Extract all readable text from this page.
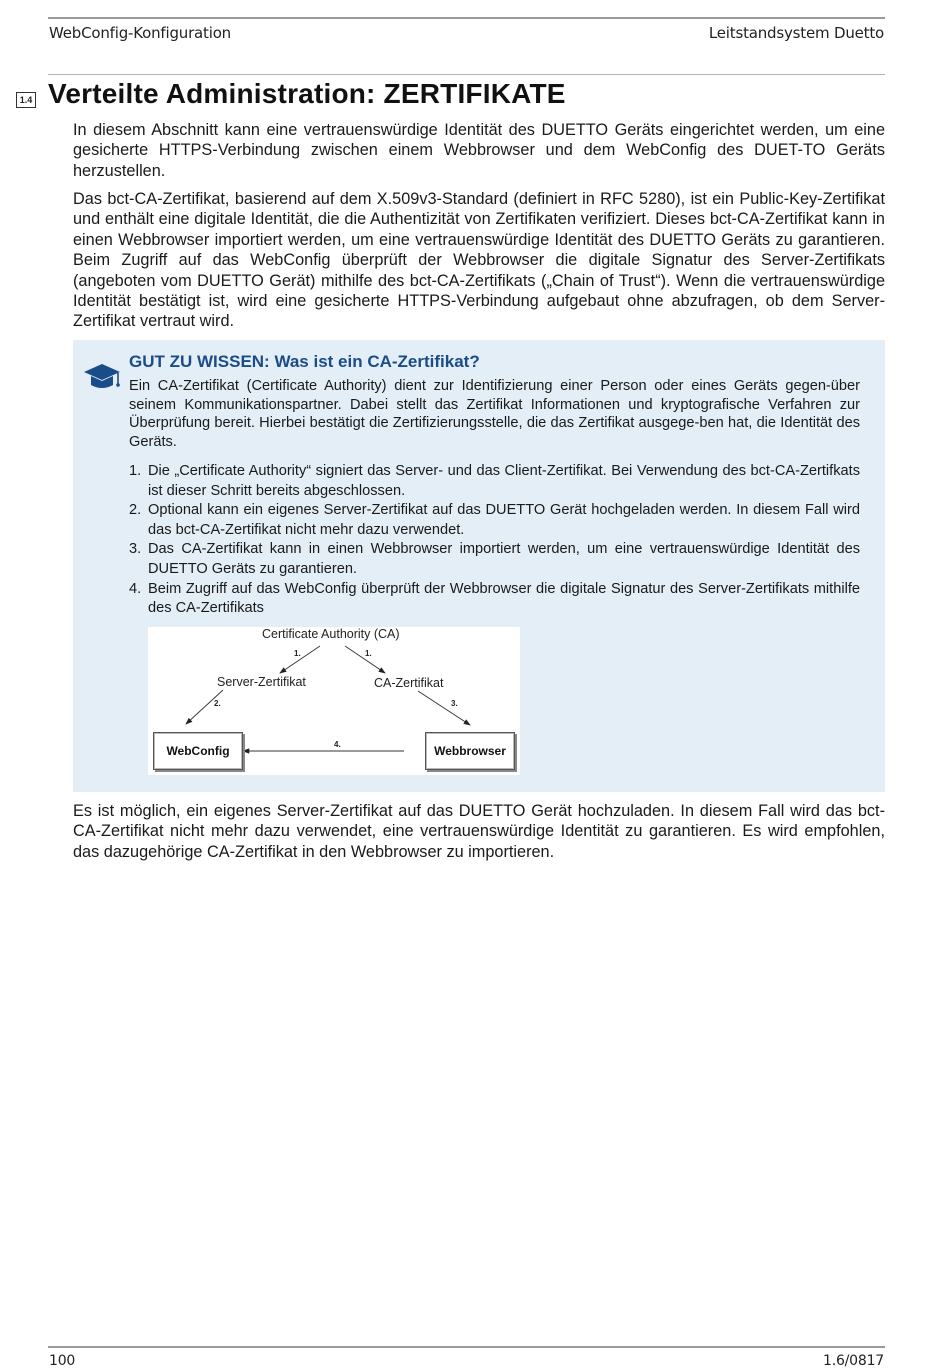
WebConfig-Konfiguration	Leitstandsystem Duetto
1.4 Verteilte Administration: ZERTIFIKATE

In diesem Abschnitt kann eine vertrauenswürdige Identität des DUETTO Geräts eingerichtet werden, um eine gesicherte HTTPS-Verbindung zwischen einem Webbrowser und dem WebConfig des DUET-TO Geräts herzustellen.

Das bct-CA-Zertifikat, basierend auf dem X.509v3-Standard (definiert in RFC 5280), ist ein Public-Key-Zertifikat und enthält eine digitale Identität, die die Authentizität von Zertifikaten verifiziert. Dieses bct-CA-Zertifikat kann in einen Webbrowser importiert werden, um eine vertrauenswürdige Identität des DUETTO Geräts zu garantieren. Beim Zugriff auf das WebConfig überprüft der Webbrowser die digitale Signatur des Server-Zertifikats (angeboten vom DUETTO Gerät) mithilfe des bct-CA-Zertifikats („Chain of Trust“). Wenn die vertrauenswürdige Identität bestätigt ist, wird eine gesicherte HTTPS-Verbindung aufgebaut ohne abzufragen, ob dem Server-Zertifikat vertraut wird.

GUT ZU WISSEN: Was ist ein CA-Zertifikat?

Ein CA-Zertifikat (Certificate Authority) dient zur Identifizierung einer Person oder eines Geräts gegen-über seinem Kommunikationspartner. Dabei stellt das Zertifikat Informationen und kryptografische Verfahren zur Überprüfung bereit. Hierbei bestätigt die Zertifizierungsstelle, die das Zertifikat ausgege-ben hat, die Identität des Geräts.

1. Die „Certificate Authority“ signiert das Server- und das Client-Zertifikat. Bei Verwendung des bct-CA-Zertifkats ist dieser Schritt bereits abgeschlossen.
2. Optional kann ein eigenes Server-Zertifikat auf das DUETTO Gerät hochgeladen werden. In diesem Fall wird das bct-CA-Zertifikat nicht mehr dazu verwendet.
3. Das CA-Zertifikat kann in einen Webbrowser importiert werden, um eine vertrauenswürdige Identität des DUETTO Geräts zu garantieren.
4. Beim Zugriff auf das WebConfig überprüft der Webbrowser die digitale Signatur des Server-Zertifikats mithilfe des CA-Zertifikats
Certificate Authority (CA)
1.	1.
Server-Zertifikat	CA-Zertifikat
2.	3.
4.
WebConfig	Webbrowser

Es ist möglich, ein eigenes Server-Zertifikat auf das DUETTO Gerät hochzuladen. In diesem Fall wird das bct-CA-Zertifikat nicht mehr dazu verwendet, eine vertrauenswürdige Identität zu garantieren. Es wird empfohlen, das dazugehörige CA-Zertifikat in den Webbrowser zu importieren.

100	1.6/0817
